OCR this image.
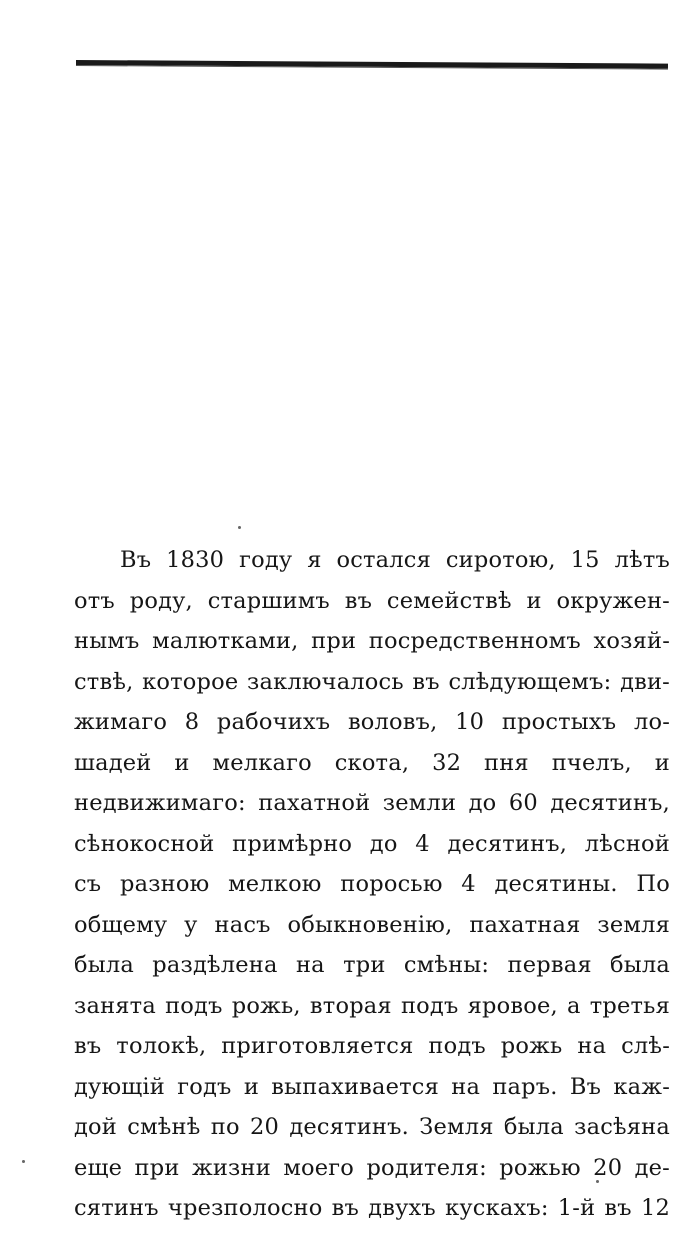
Въ 1830 году я остался сиротою, 15 лѣтъ
отъ роду, старшимъ въ семействѣ и окружен-
нымъ малютками, при посредственномъ хозяй-
ствѣ, которое заключалось въ слѣдующемъ: дви-
жимаго 8 рабочихъ воловъ, 10 простыхъ ло-
шадей и мелкаго скота, 32 пня пчелъ, и
недвижимаго: пахатной земли до 60 десятинъ,
сѣнокосной примѣрно до 4 десятинъ, лѣсной
съ разною мелкою поросью 4 десятины. По
общему у насъ обыкновенію, пахатная земля
была раздѣлена на три смѣны: первая была
занята подъ рожь, вторая подъ яровое, а третья
въ толокѣ, приготовляется подъ рожь на слѣ-
дующій годъ и выпахивается на паръ. Въ каж-
дой смѣнѣ по 20 десятинъ. Земля была засѣяна
еще при жизни моего родителя: рожью 20 де-
сятинъ чрезполосно въ двухъ кускахъ: 1-й въ 12
